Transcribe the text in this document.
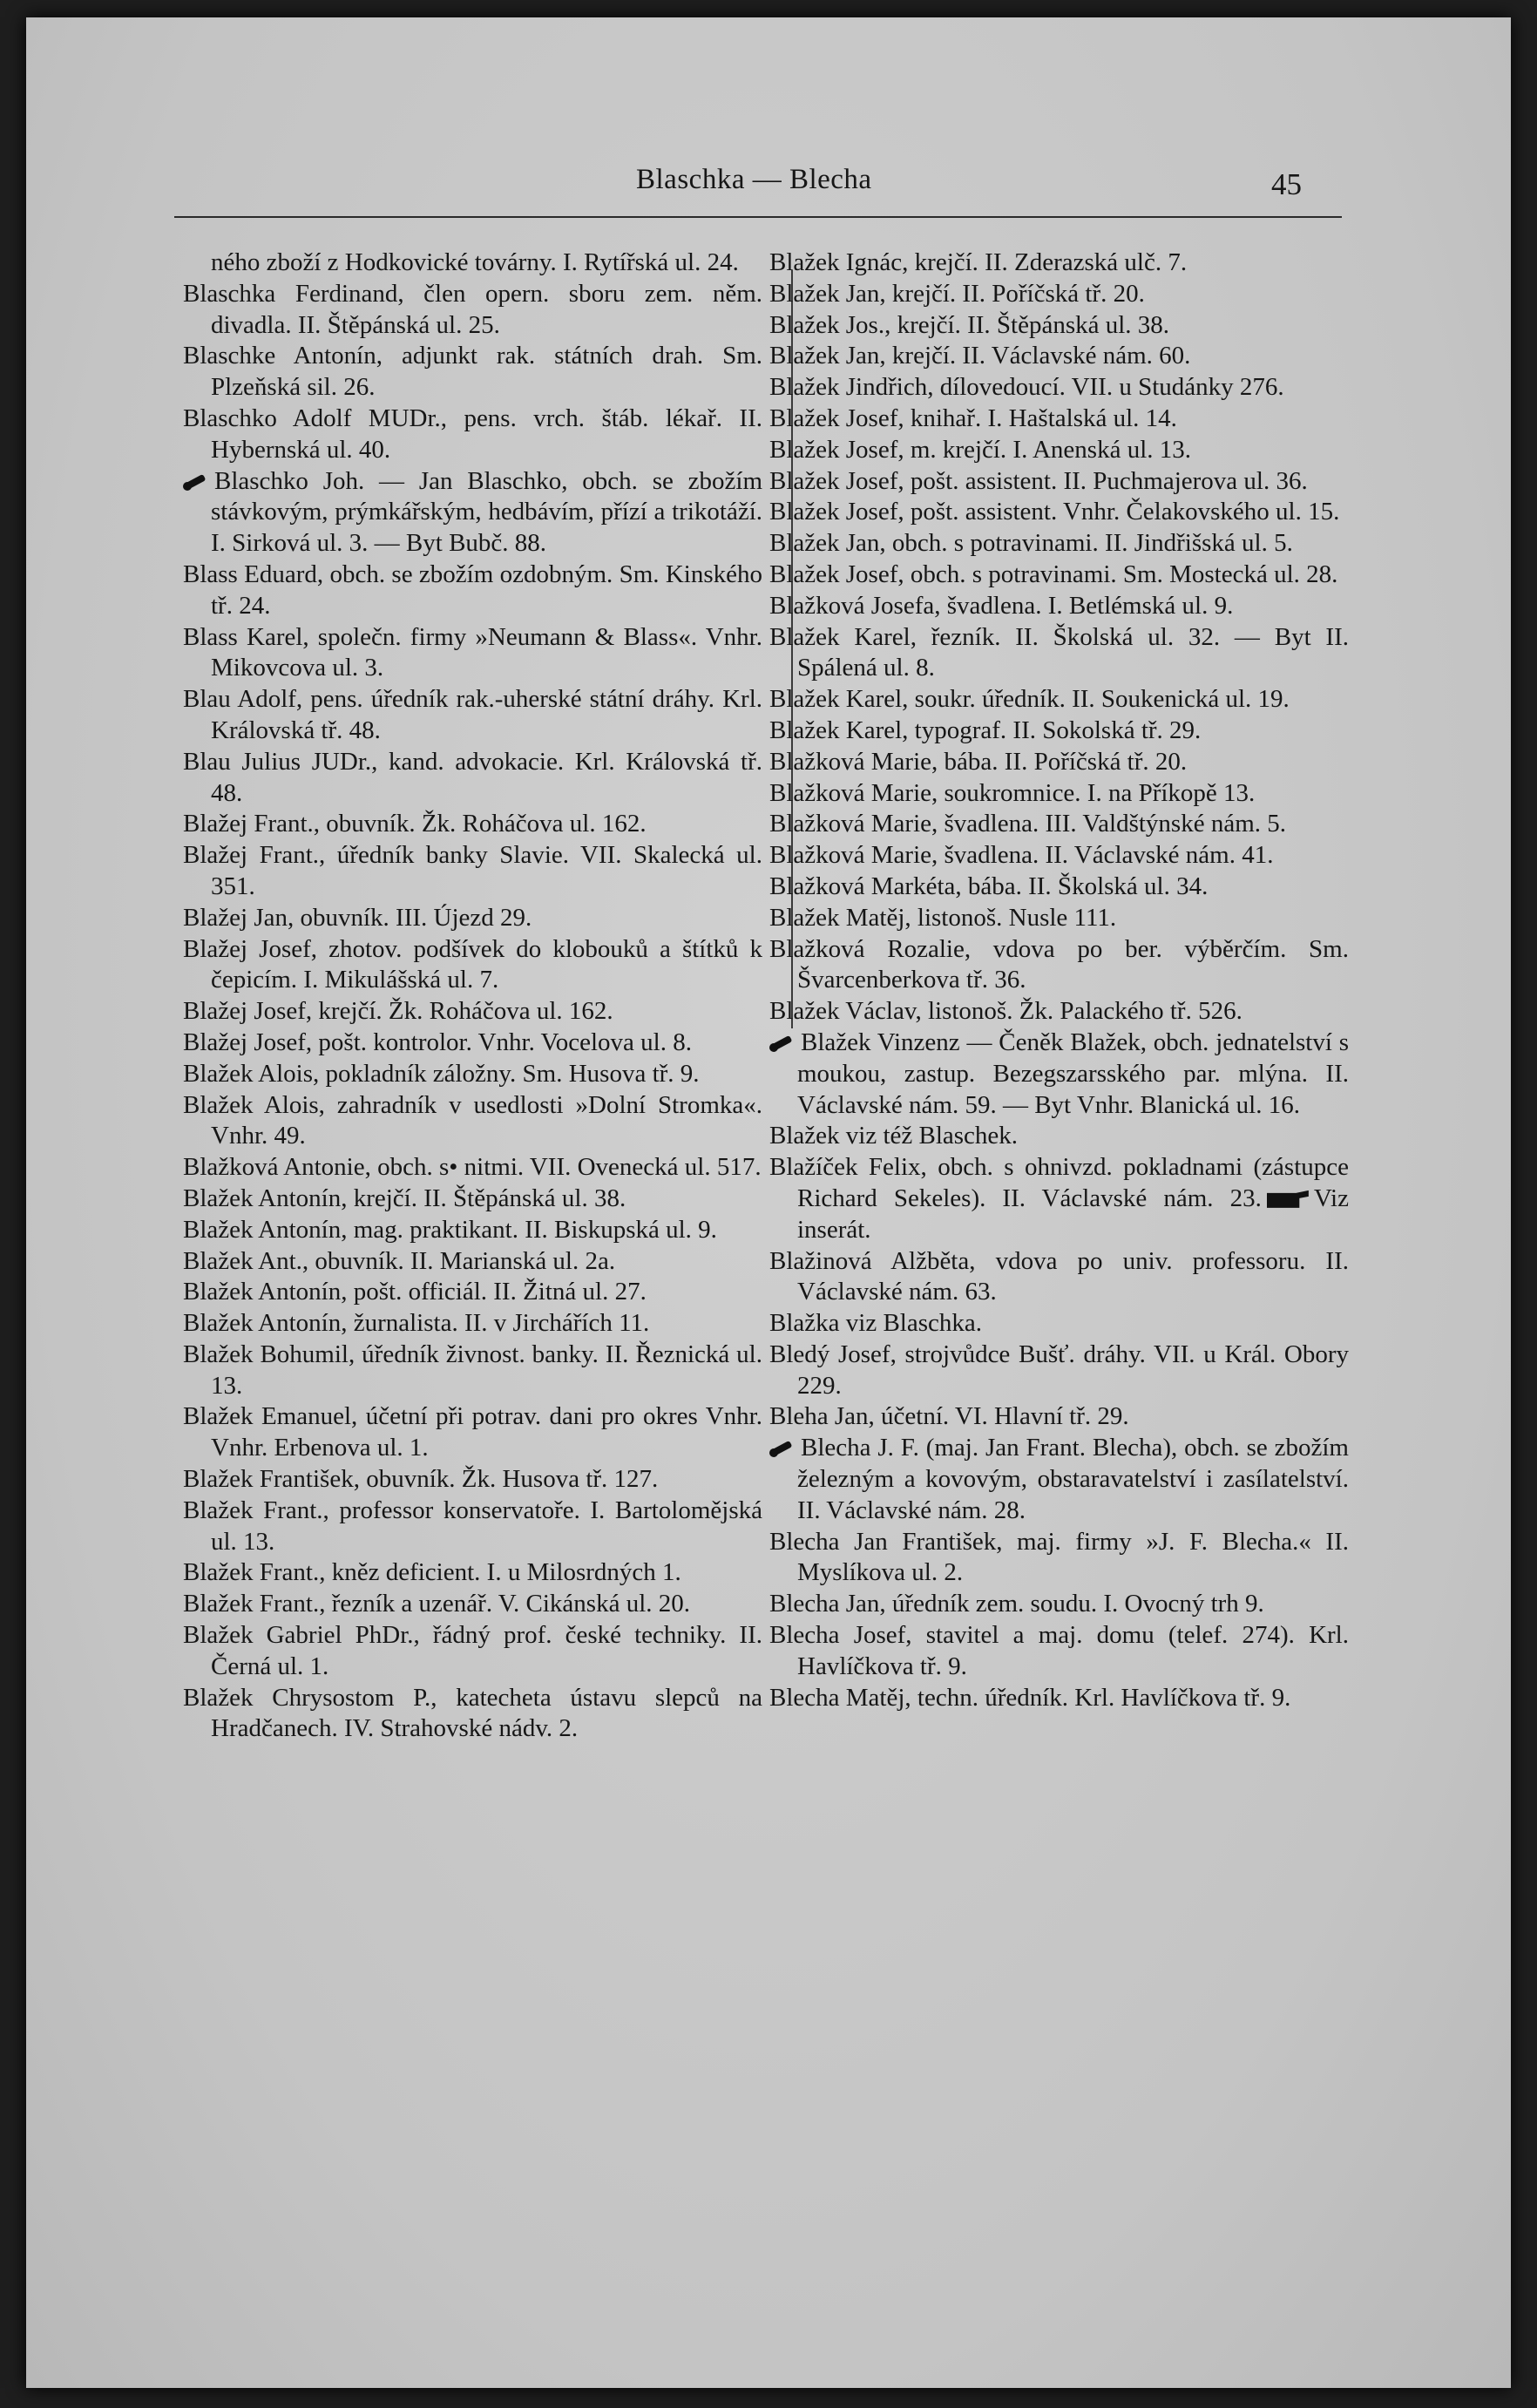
Blaschka — Blecha	45

ného zboží z Hodkovické továrny. I. Rytířská ul. 24.

Blaschka Ferdinand, člen opern. sboru zem. něm. divadla. II. Štěpánská ul. 25.

Blaschke Antonín, adjunkt rak. státních drah. Sm. Plzeňská sil. 26.

Blaschko Adolf MUDr., pens. vrch. štáb. lékař. II. Hybernská ul. 40.

Blaschko Joh. — Jan Blaschko, obch. se zbožím stávkovým, prýmkářským, hedbávím, přízí a trikotáží. I. Sirková ul. 3. — Byt Bubč. 88.

Blass Eduard, obch. se zbožím ozdobným. Sm. Kinského tř. 24.

Blass Karel, společn. firmy »Neumann & Blass«. Vnhr. Mikovcova ul. 3.

Blau Adolf, pens. úředník rak.-uherské státní dráhy. Krl. Královská tř. 48.

Blau Julius JUDr., kand. advokacie. Krl. Královská tř. 48.

Blažej Frant., obuvník. Žk. Roháčova ul. 162.

Blažej Frant., úředník banky Slavie. VII. Skalecká ul. 351.

Blažej Jan, obuvník. III. Újezd 29.

Blažej Josef, zhotov. podšívek do klobouků a štítků k čepicím. I. Mikulášská ul. 7.

Blažej Josef, krejčí. Žk. Roháčova ul. 162.

Blažej Josef, pošt. kontrolor. Vnhr. Vocelova ul. 8.

Blažek Alois, pokladník záložny. Sm. Husova tř. 9.

Blažek Alois, zahradník v usedlosti »Dolní Stromka«. Vnhr. 49.

Blažková Antonie, obch. s• nitmi. VII. Ovenecká ul. 517.

Blažek Antonín, krejčí. II. Štěpánská ul. 38.

Blažek Antonín, mag. praktikant. II. Biskupská ul. 9.

Blažek Ant., obuvník. II. Marianská ul. 2a.

Blažek Antonín, pošt. officiál. II. Žitná ul. 27.

Blažek Antonín, žurnalista. II. v Jirchářích 11.

Blažek Bohumil, úředník živnost. banky. II. Řeznická ul. 13.

Blažek Emanuel, účetní při potrav. dani pro okres Vnhr. Vnhr. Erbenova ul. 1.

Blažek František, obuvník. Žk. Husova tř. 127.

Blažek Frant., professor konservatoře. I. Bartolomějská ul. 13.

Blažek Frant., kněz deficient. I. u Milosrdných 1.

Blažek Frant., řezník a uzenář. V. Cikánská ul. 20.

Blažek Gabriel PhDr., řádný prof. české techniky. II. Černá ul. 1.

Blažek Chrysostom P., katecheta ústavu slepců na Hradčanech. IV. Strahovské nádv. 2.

Blažek Ignác, krejčí. II. Zderazská ulč. 7.

Blažek Jan, krejčí. II. Poříčská tř. 20.

Blažek Jos., krejčí. II. Štěpánská ul. 38.

Blažek Jan, krejčí. II. Václavské nám. 60.

Blažek Jindřich, dílovedoucí. VII. u Studánky 276.

Blažek Josef, knihař. I. Haštalská ul. 14.

Blažek Josef, m. krejčí. I. Anenská ul. 13.

Blažek Josef, pošt. assistent. II. Puchmajerova ul. 36.

Blažek Josef, pošt. assistent. Vnhr. Čelakovského ul. 15.

Blažek Jan, obch. s potravinami. II. Jindřišská ul. 5.

Blažek Josef, obch. s potravinami. Sm. Mostecká ul. 28.

Blažková Josefa, švadlena. I. Betlémská ul. 9.

Blažek Karel, řezník. II. Školská ul. 32. — Byt II. Spálená ul. 8.

Blažek Karel, soukr. úředník. II. Soukenická ul. 19.

Blažek Karel, typograf. II. Sokolská tř. 29.

Blažková Marie, bába. II. Poříčská tř. 20.

Blažková Marie, soukromnice. I. na Příkopě 13.

Blažková Marie, švadlena. III. Valdštýnské nám. 5.

Blažková Marie, švadlena. II. Václavské nám. 41.

Blažková Markéta, bába. II. Školská ul. 34.

Blažek Matěj, listonoš. Nusle 111.

Blažková Rozalie, vdova po ber. výběrčím. Sm. Švarcenberkova tř. 36.

Blažek Václav, listonoš. Žk. Palackého tř. 526.

Blažek Vinzenz — Čeněk Blažek, obch. jednatelství s moukou, zastup. Bezegszarsského par. mlýna. II. Václavské nám. 59. — Byt Vnhr. Blanická ul. 16.

Blažek viz též Blaschek.

Blažíček Felix, obch. s ohnivzd. pokladnami (zástupce Richard Sekeles). II. Václavské nám. 23. Viz inserát.

Blažinová Alžběta, vdova po univ. professoru. II. Václavské nám. 63.

Blažka viz Blaschka.

Bledý Josef, strojvůdce Bušť. dráhy. VII. u Král. Obory 229.

Bleha Jan, účetní. VI. Hlavní tř. 29.

Blecha J. F. (maj. Jan Frant. Blecha), obch. se zbožím železným a kovovým, obstaravatelství i zasílatelství. II. Václavské nám. 28.

Blecha Jan František, maj. firmy »J. F. Blecha.« II. Myslíkova ul. 2.

Blecha Jan, úředník zem. soudu. I. Ovocný trh 9.

Blecha Josef, stavitel a maj. domu (telef. 274). Krl. Havlíčkova tř. 9.

Blecha Matěj, techn. úředník. Krl. Havlíčkova tř. 9.
